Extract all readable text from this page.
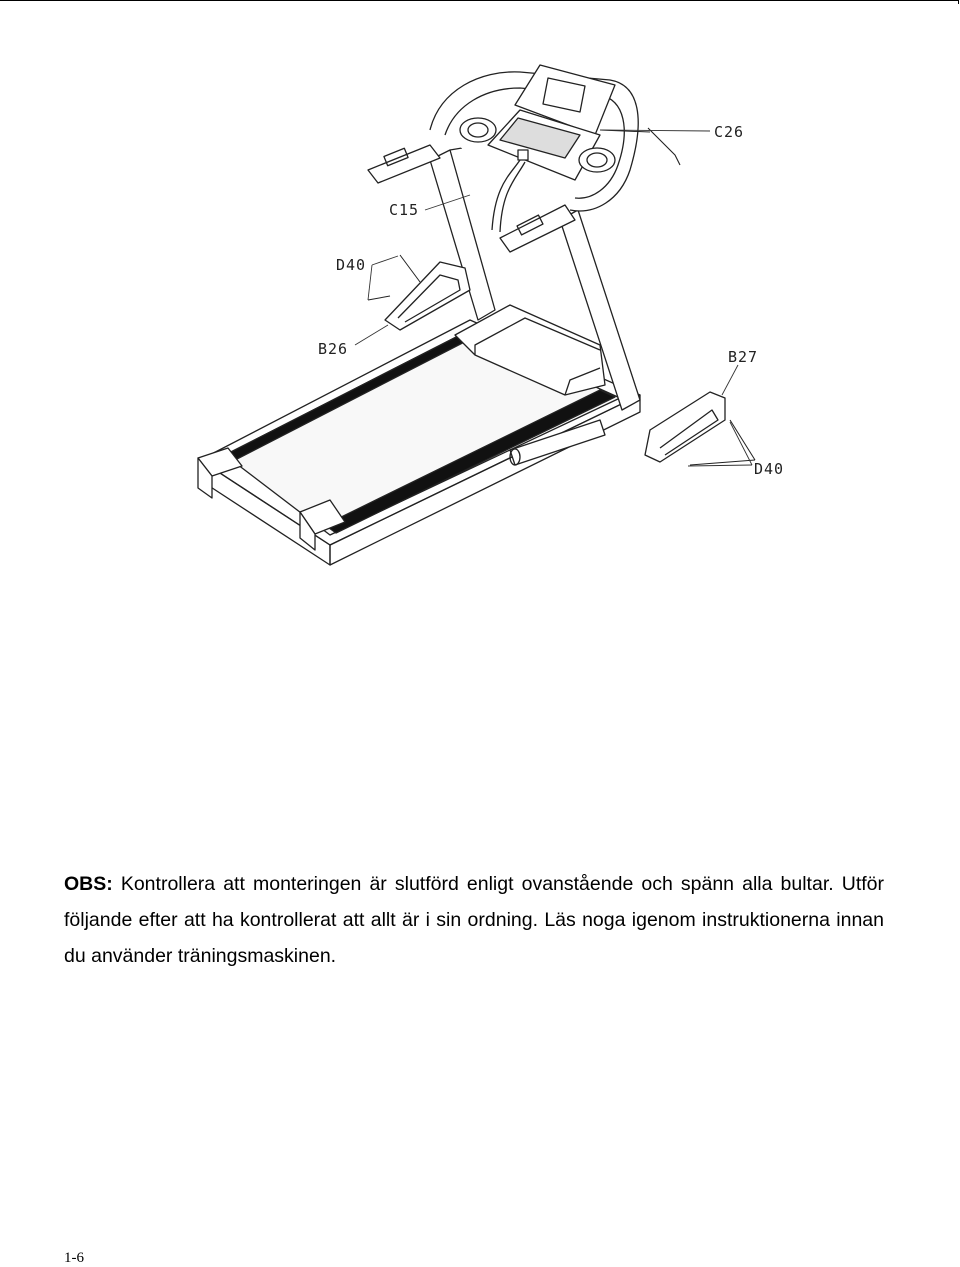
C26
C15
D40
B26	B27
D40

OBS: Kontrollera att monteringen är slutförd enligt ovanstående och spänn alla bultar. Utför följande efter att ha kontrollerat att allt är i sin ordning. Läs noga igenom instruktionerna innan du använder träningsmaskinen.

1-6
